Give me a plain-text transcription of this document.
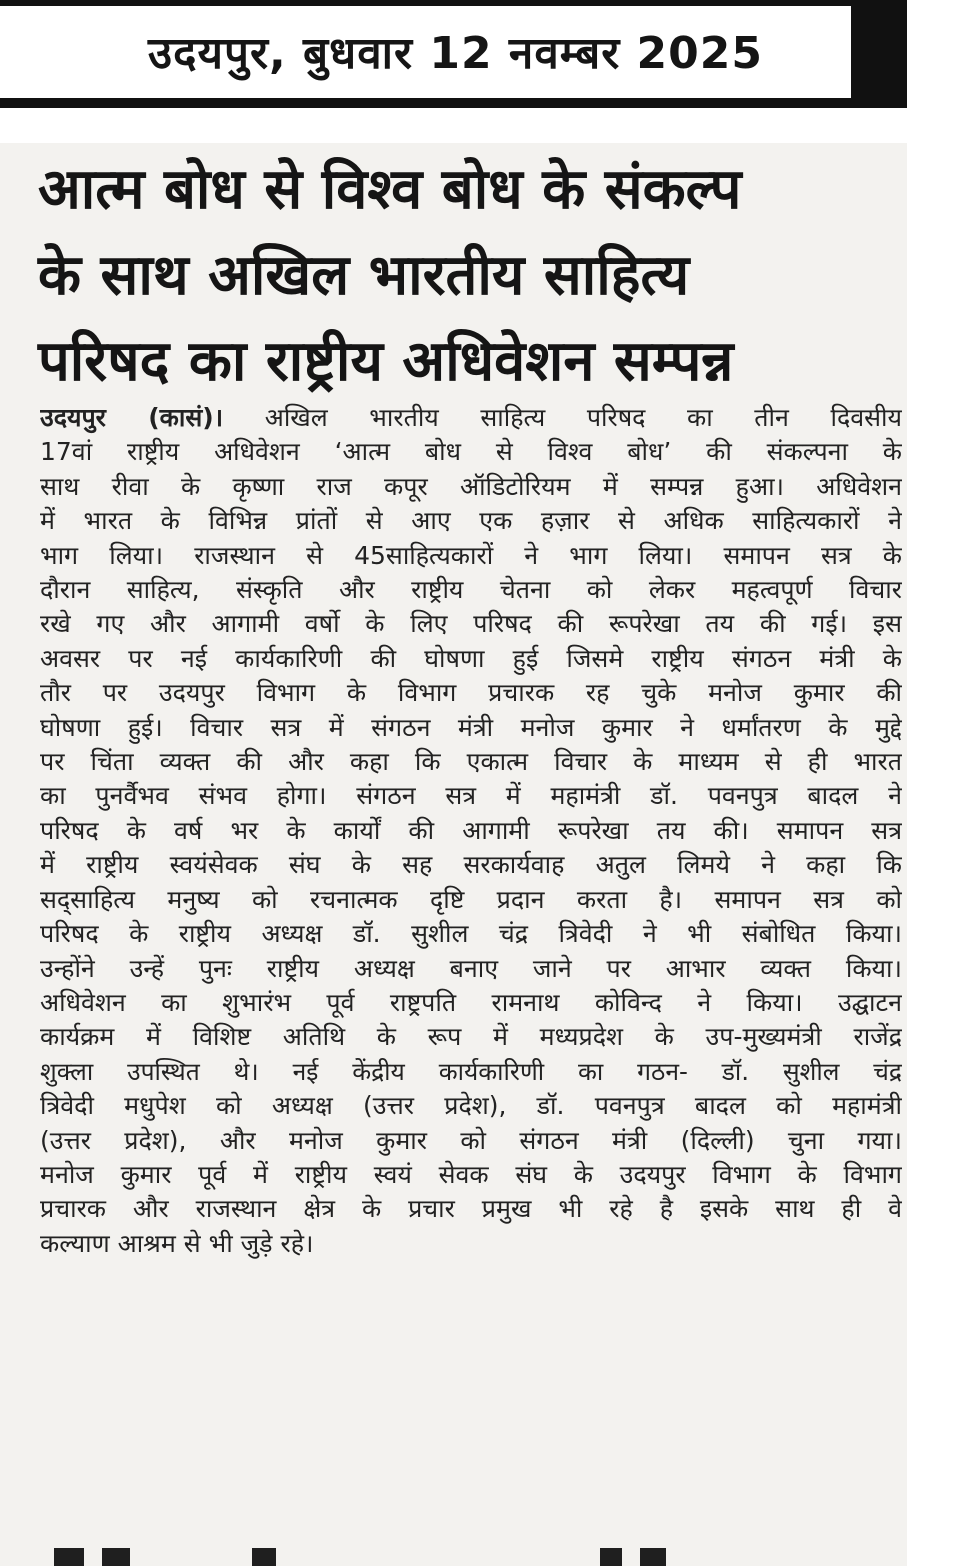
उदयपुर, बुधवार 12 नवम्बर 2025
आत्म बोध से विश्व बोध के संकल्प
के साथ अखिल भारतीय साहित्य
परिषद का राष्ट्रीय अधिवेशन सम्पन्न
उदयपुर (कासं)। अखिल भारतीय साहित्य परिषद का तीन दिवसीय
17वां राष्ट्रीय अधिवेशन ‘आत्म बोध से विश्व बोध’ की संकल्पना के
साथ रीवा के कृष्णा राज कपूर ऑडिटोरियम में सम्पन्न हुआ। अधिवेशन
में भारत के विभिन्न प्रांतों से आए एक हज़ार से अधिक साहित्यकारों ने
भाग लिया। राजस्थान से 45साहित्यकारों ने भाग लिया। समापन सत्र के
दौरान साहित्य, संस्कृति और राष्ट्रीय चेतना को लेकर महत्वपूर्ण विचार
रखे गए और आगामी वर्षो के लिए परिषद की रूपरेखा तय की गई। इस
अवसर पर नई कार्यकारिणी की घोषणा हुई जिसमे राष्ट्रीय संगठन मंत्री के
तौर पर उदयपुर विभाग के विभाग प्रचारक रह चुके मनोज कुमार की
घोषणा हुई। विचार सत्र में संगठन मंत्री मनोज कुमार ने धर्मांतरण के मुद्दे
पर चिंता व्यक्त की और कहा कि एकात्म विचार के माध्यम से ही भारत
का पुनर्वैभव संभव होगा। संगठन सत्र में महामंत्री डॉ. पवनपुत्र बादल ने
परिषद के वर्ष भर के कार्यों की आगामी रूपरेखा तय की। समापन सत्र
में राष्ट्रीय स्वयंसेवक संघ के सह सरकार्यवाह अतुल लिमये ने कहा कि
सद्साहित्य मनुष्य को रचनात्मक दृष्टि प्रदान करता है। समापन सत्र को
परिषद के राष्ट्रीय अध्यक्ष डॉ. सुशील चंद्र त्रिवेदी ने भी संबोधित किया।
उन्होंने उन्हें पुनः राष्ट्रीय अध्यक्ष बनाए जाने पर आभार व्यक्त किया।
अधिवेशन का शुभारंभ पूर्व राष्ट्रपति रामनाथ कोविन्द ने किया। उद्घाटन
कार्यक्रम में विशिष्ट अतिथि के रूप में मध्यप्रदेश के उप-मुख्यमंत्री राजेंद्र
शुक्ला उपस्थित थे। नई केंद्रीय कार्यकारिणी का गठन- डॉ. सुशील चंद्र
त्रिवेदी मधुपेश को अध्यक्ष (उत्तर प्रदेश), डॉ. पवनपुत्र बादल को महामंत्री
(उत्तर प्रदेश), और मनोज कुमार को संगठन मंत्री (दिल्ली) चुना गया।
मनोज कुमार पूर्व में राष्ट्रीय स्वयं सेवक संघ के उदयपुर विभाग के विभाग
प्रचारक और राजस्थान क्षेत्र के प्रचार प्रमुख भी रहे है इसके साथ ही वे
कल्याण आश्रम से भी जुड़े रहे।
